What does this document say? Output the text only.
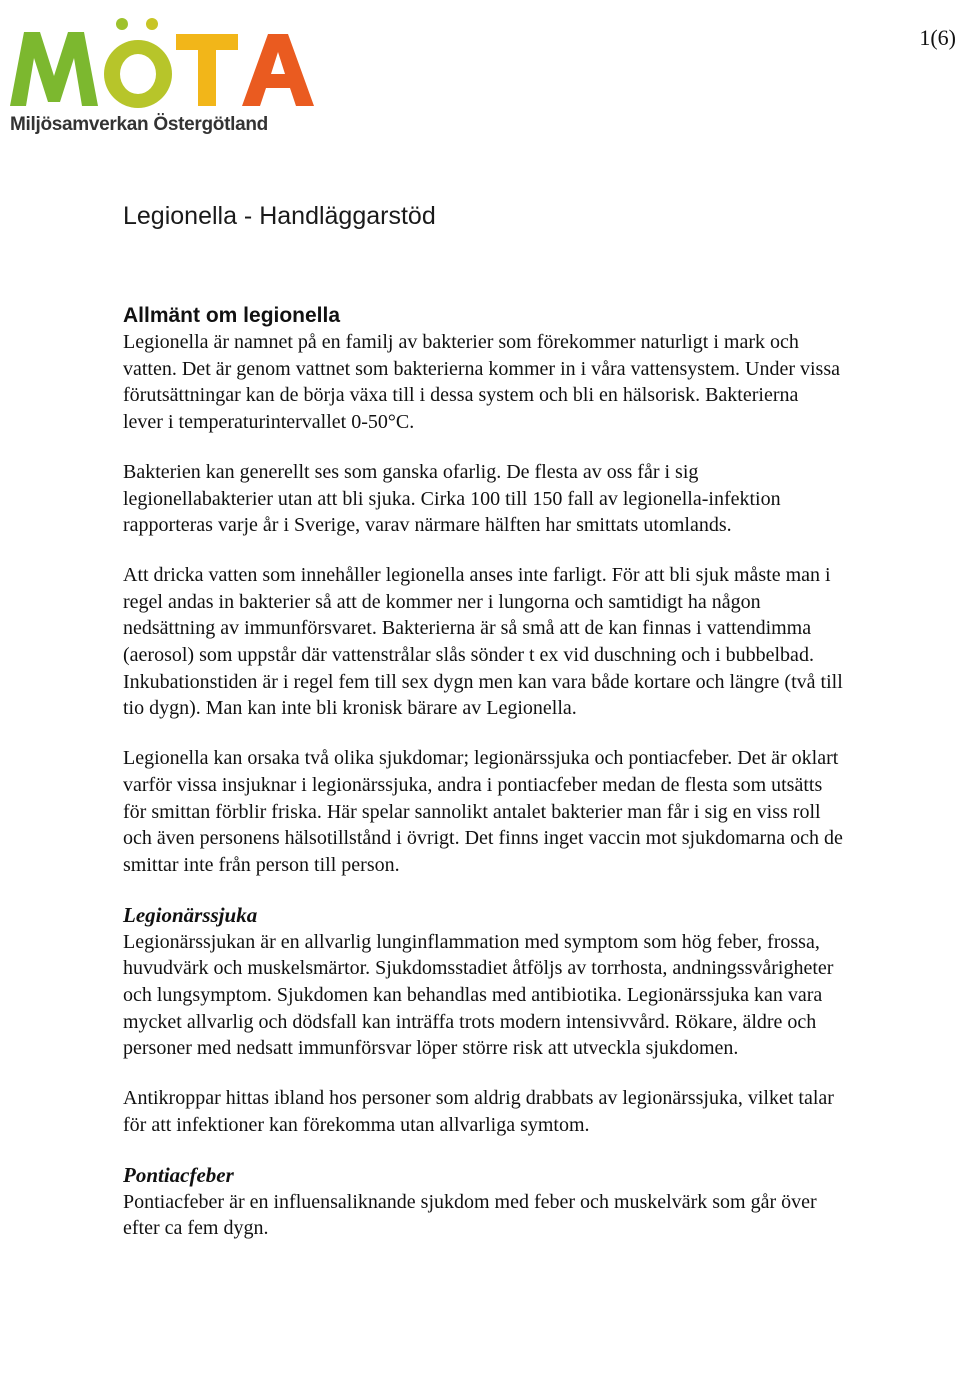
Miljösamverkan Östergötland
1(6)
Legionella - Handläggarstöd
Allmänt om legionella

Legionella är namnet på en familj av bakterier som förekommer naturligt i mark och vatten. Det är genom vattnet som bakterierna kommer in i våra vattensystem. Under vissa förutsättningar kan de börja växa till i dessa system och bli en hälsorisk. Bakterierna lever i temperaturintervallet 0-50°C.

Bakterien kan generellt ses som ganska ofarlig. De flesta av oss får i sig legionellabakterier utan att bli sjuka. Cirka 100 till 150 fall av legionella-infektion rapporteras varje år i Sverige, varav närmare hälften har smittats utomlands.

Att dricka vatten som innehåller legionella anses inte farligt. För att bli sjuk måste man i regel andas in bakterier så att de kommer ner i lungorna och samtidigt ha någon nedsättning av immunförsvaret. Bakterierna är så små att de kan finnas i vattendimma (aerosol) som uppstår där vattenstrålar slås sönder t ex vid duschning och i bubbelbad. Inkubationstiden är i regel fem till sex dygn men kan vara både kortare och längre (två till tio dygn). Man kan inte bli kronisk bärare av Legionella.

Legionella kan orsaka två olika sjukdomar; legionärssjuka och pontiacfeber. Det är oklart varför vissa insjuknar i legionärssjuka, andra i pontiacfeber medan de flesta som utsätts för smittan förblir friska. Här spelar sannolikt antalet bakterier man får i sig en viss roll och även personens hälsotillstånd i övrigt. Det finns inget vaccin mot sjukdomarna och de smittar inte från person till person.

Legionärssjuka

Legionärssjukan är en allvarlig lunginflammation med symptom som hög feber, frossa, huvudvärk och muskelsmärtor. Sjukdomsstadiet åtföljs av torrhosta, andningssvårigheter och lungsymptom. Sjukdomen kan behandlas med antibiotika. Legionärssjuka kan vara mycket allvarlig och dödsfall kan inträffa trots modern intensivvård. Rökare, äldre och personer med nedsatt immunförsvar löper större risk att utveckla sjukdomen.

Antikroppar hittas ibland hos personer som aldrig drabbats av legionärssjuka, vilket talar för att infektioner kan förekomma utan allvarliga symtom.

Pontiacfeber

Pontiacfeber är en influensaliknande sjukdom med feber och muskelvärk som går över efter ca fem dygn.
